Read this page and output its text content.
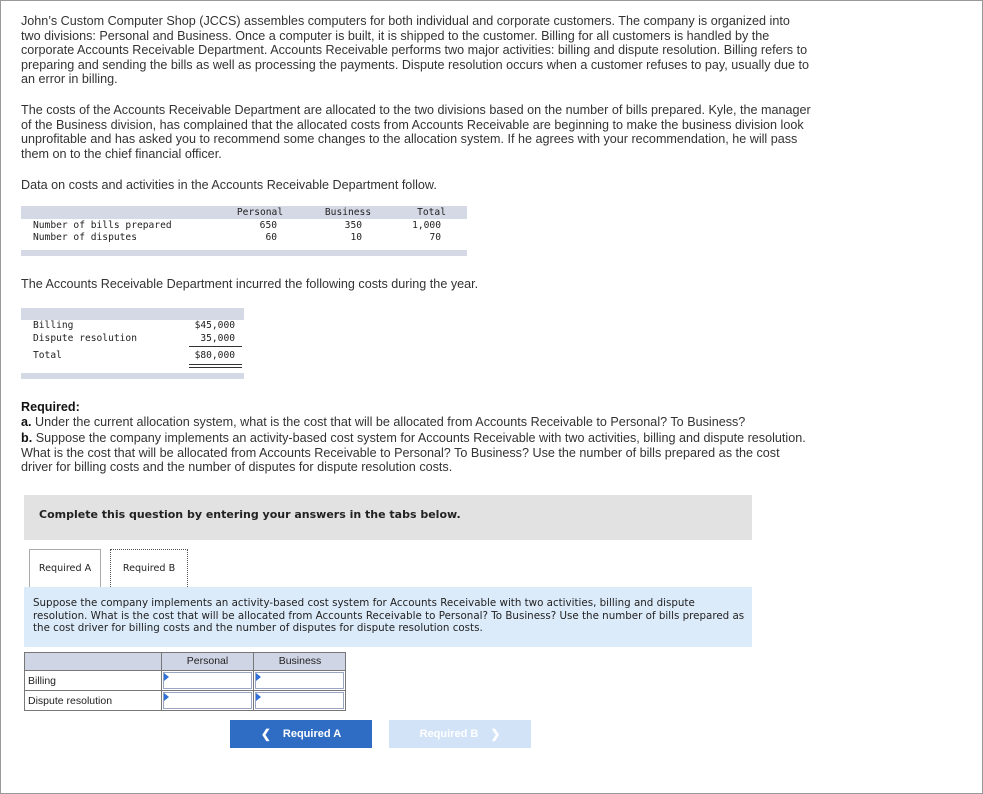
John’s Custom Computer Shop (JCCS) assembles computers for both individual and corporate customers. The company is organized into two divisions: Personal and Business. Once a computer is built, it is shipped to the customer. Billing for all customers is handled by the corporate Accounts Receivable Department. Accounts Receivable performs two major activities: billing and dispute resolution. Billing refers to preparing and sending the bills as well as processing the payments. Dispute resolution occurs when a customer refuses to pay, usually due to an error in billing.

The costs of the Accounts Receivable Department are allocated to the two divisions based on the number of bills prepared. Kyle, the manager of the Business division, has complained that the allocated costs from Accounts Receivable are beginning to make the business division look unprofitable and has asked you to recommend some changes to the allocation system. If he agrees with your recommendation, he will pass them on to the chief financial officer.

Data on costs and activities in the Accounts Receivable Department follow.

Personal	Business	Total
Number of bills prepared	650	350	1,000
Number of disputes	60	10	70

The Accounts Receivable Department incurred the following costs during the year.

Billing	$45,000
Dispute resolution	35,000
Total	$80,000
Required:

a. Under the current allocation system, what is the cost that will be allocated from Accounts Receivable to Personal? To Business?

b. Suppose the company implements an activity-based cost system for Accounts Receivable with two activities, billing and dispute resolution. What is the cost that will be allocated from Accounts Receivable to Personal? To Business? Use the number of bills prepared as the cost driver for billing costs and the number of disputes for dispute resolution costs.

Complete this question by entering your answers in the tabs below.
Required A	Required B
Suppose the company implements an activity-based cost system for Accounts Receivable with two activities, billing and dispute resolution. What is the cost that will be allocated from Accounts Receivable to Personal? To Business? Use the number of bills prepared as the cost driver for billing costs and the number of disputes for dispute resolution costs.
Personal	Business
Billing
Dispute resolution
❮ Required A	Required B ❯
